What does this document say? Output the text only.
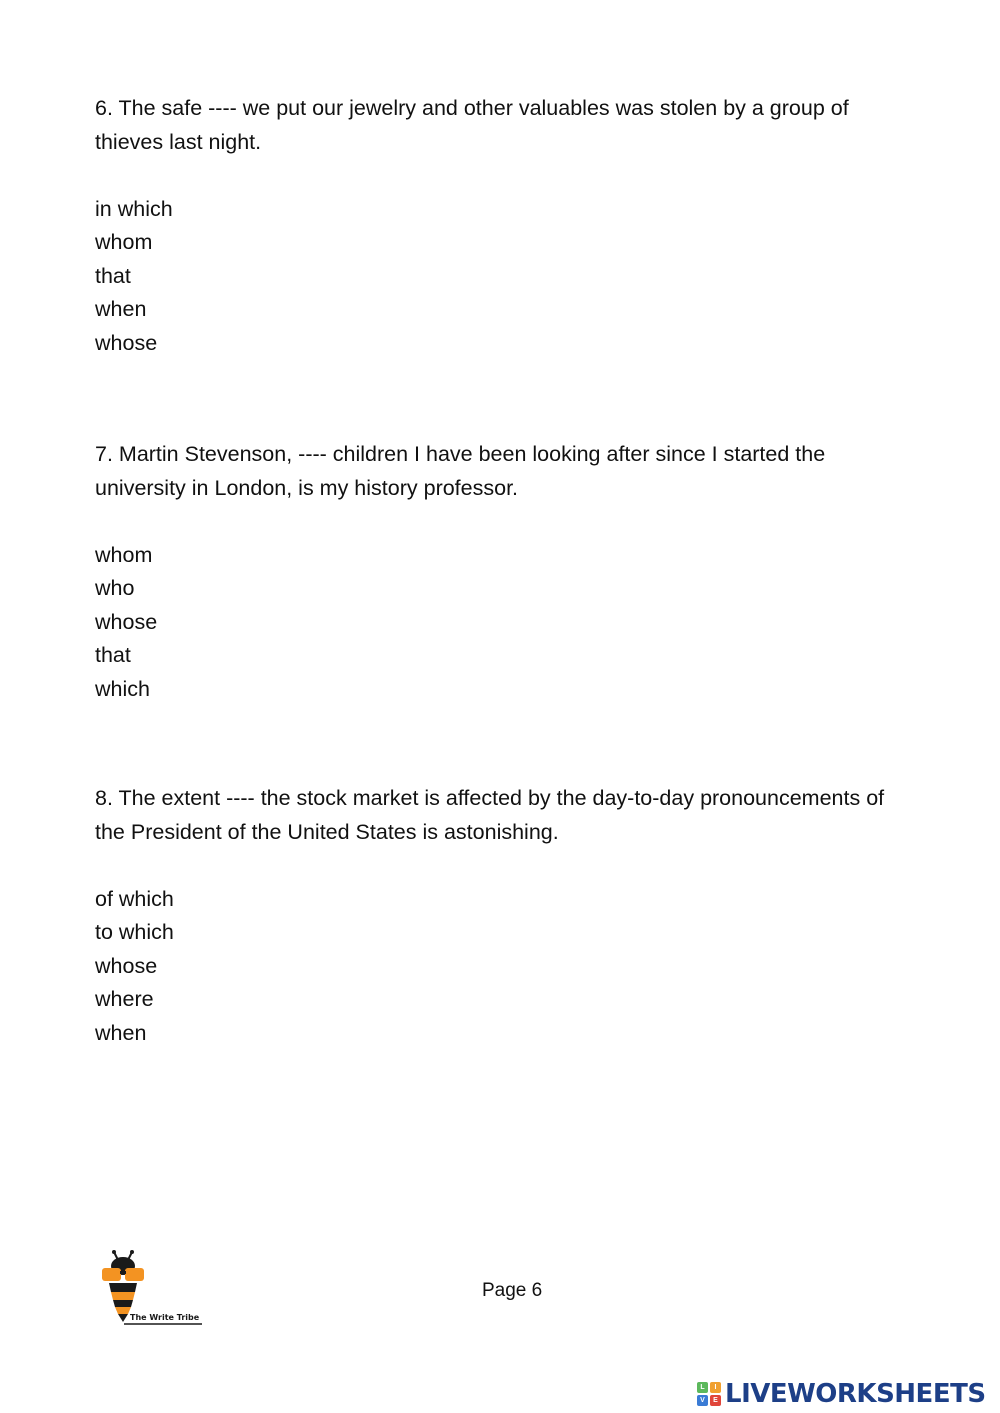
6. The safe ---- we put our jewelry and other valuables was stolen by a group of thieves last night.

in which
whom
that
when
whose

7. Martin Stevenson, ---- children I have been looking after since I started the university in London, is my history professor.

whom
who
whose
that
which

8. The extent ---- the stock market is affected by the day-to-day pronouncements of the President of the United States is astonishing.

of which
to which
whose
where
when
The Write Tribe
Page 6
L	I
V	E LIVEWORKSHEETS
